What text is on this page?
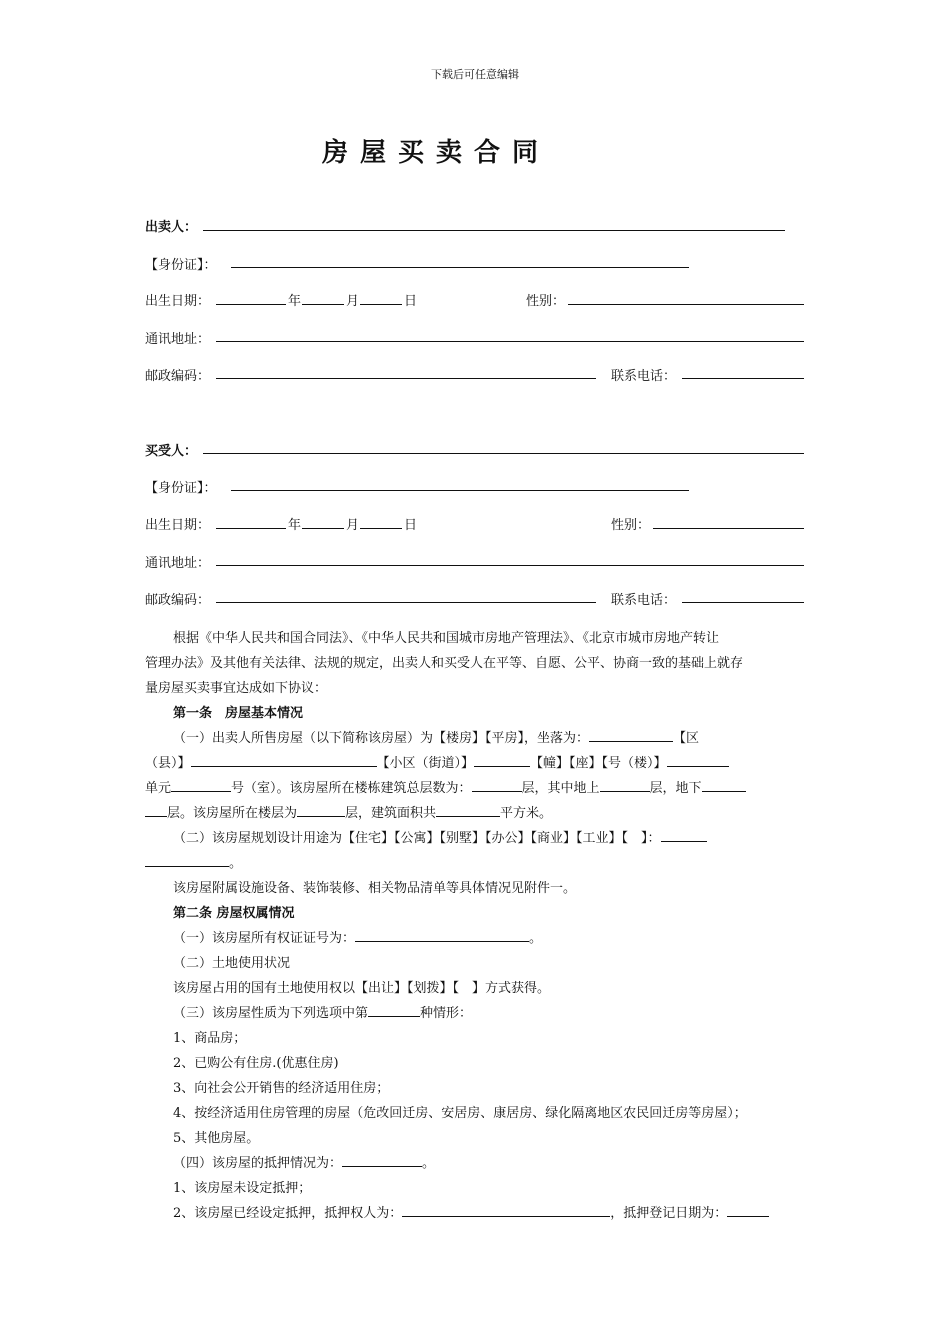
下载后可任意编辑
房屋买卖合同
出卖人：
【身份证】：
出生日期：	年	月	日	性别：
通讯地址：
邮政编码：	联系电话：
买受人：
【身份证】：
出生日期：	年	月	日	性别：
通讯地址：
邮政编码：	联系电话：
根据《中华人民共和国合同法》、《中华人民共和国城市房地产管理法》、《北京市城市房地产转让
管理办法》及其他有关法律、法规的规定，出卖人和买受人在平等、自愿、公平、协商一致的基础上就存
量房屋买卖事宜达成如下协议：
第一条　房屋基本情况
（一）出卖人所售房屋（以下简称该房屋）为【楼房】【平房】，坐落为：	【区
（县）】	【小区（街道）】	【幢】【座】【号（楼）】
单元	号（室）。该房屋所在楼栋建筑总层数为：	层，其中地上	层，地下
层。该房屋所在楼层为	层，建筑面积共	平方米。
（二）该房屋规划设计用途为【住宅】【公寓】【别墅】【办公】【商业】【工业】【　】：
。
该房屋附属设施设备、装饰装修、相关物品清单等具体情况见附件一。
第二条 房屋权属情况
（一）该房屋所有权证证号为：	。
（二）土地使用状况
该房屋占用的国有土地使用权以【出让】【划拨】【　】方式获得。
（三）该房屋性质为下列选项中第	种情形：
1、商品房；
2、已购公有住房.(优惠住房)
3、向社会公开销售的经济适用住房；
4、按经济适用住房管理的房屋（危改回迁房、安居房、康居房、绿化隔离地区农民回迁房等房屋）；
5、其他房屋。
（四）该房屋的抵押情况为：	。
1、该房屋未设定抵押；
2、该房屋已经设定抵押，抵押权人为：	，抵押登记日期为：
